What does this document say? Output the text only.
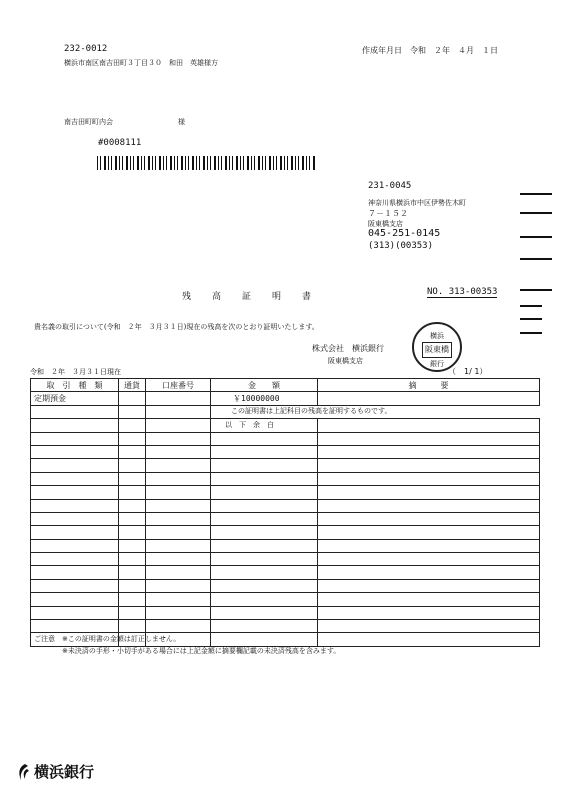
232-0012
横浜市南区南吉田町３丁目３０　和田　英雄様方
作成年月日　令和　２年　４月　１日
南吉田町町内会	様
#0008111
231-0045
神奈川県横浜市中区伊勢佐木町
７－１５２
阪東橋支店
045-251-0145
(313)(00353)
残　高　証　明　書	NO. 313-00353
貴名義の取引について(令和　２年　３月３１日)現在の残高を次のとおり証明いたします。
株式会社　横浜銀行
阪東橋支店
横浜
阪東橋
銀行
令和　２年　３月３１日現在	（　1/ 1）
取　引　種　類	通貨	口座番号	金　　額	摘　　　要
定期預金			￥10000000	
			この証明書は上記科目の残高を証明するものです。	
			以　下　余　白	

ご注意 ※この証明書の金額は訂正しません。
※未決済の手形・小切手がある場合には上記金額に摘要欄記載の未決済残高を含みます。
横浜銀行
